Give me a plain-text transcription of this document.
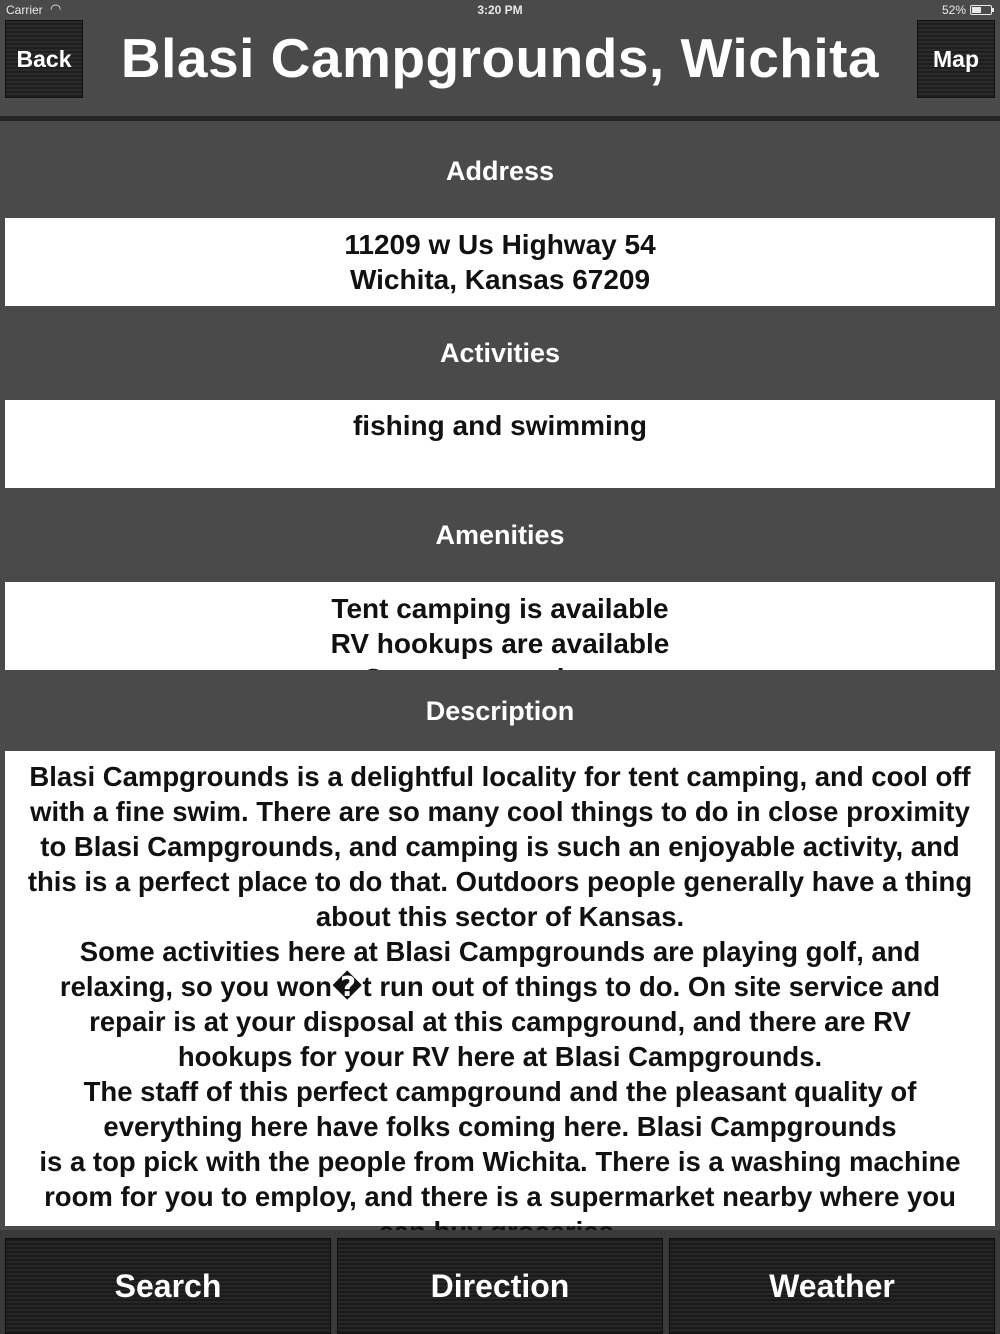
Carrier ◠	3:20 PM	52%
Back Blasi Campgrounds, Wichita	Map
Address
11209 w Us Highway 54
Wichita, Kansas 67209
Activities
fishing and swimming
Amenities
Tent camping is available
RV hookups are available
Description
Blasi Campgrounds is a delightful locality for tent camping, and cool off
with a fine swim. There are so many cool things to do in close proximity
to Blasi Campgrounds, and camping is such an enjoyable activity, and
this is a perfect place to do that. Outdoors people generally have a thing
about this sector of Kansas.
Some activities here at Blasi Campgrounds are playing golf, and
relaxing, so you won�t run out of things to do. On site service and
repair is at your disposal at this campground, and there are RV
hookups for your RV here at Blasi Campgrounds.
The staff of this perfect campground and the pleasant quality of
everything here have folks coming here. Blasi Campgrounds
is a top pick with the people from Wichita. There is a washing machine
room for you to employ, and there is a supermarket nearby where you
Search	Direction	Weather
